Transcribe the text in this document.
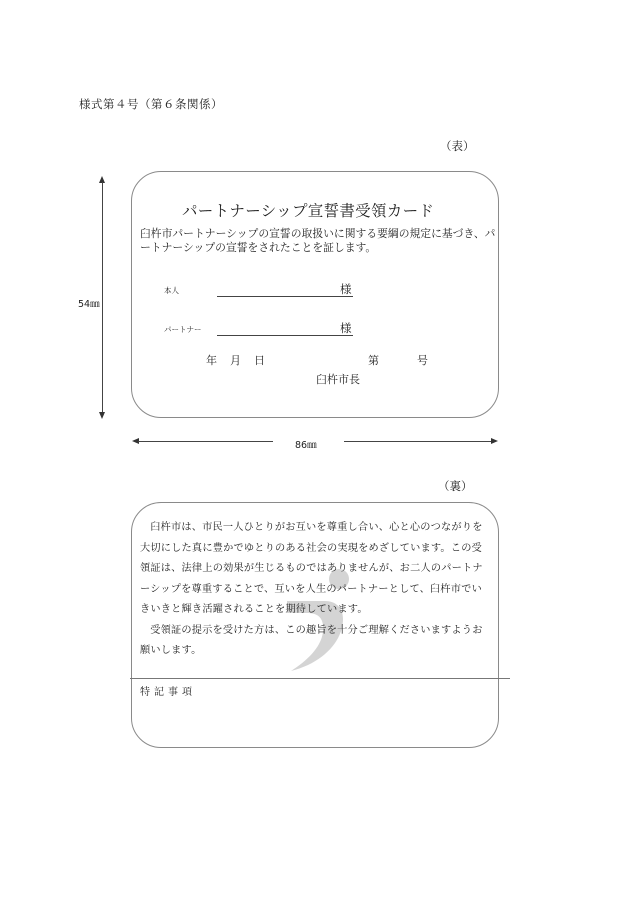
様式第４号（第６条関係）
（表）
54㎜
パートナーシップ宣誓書受領カード
臼杵市パートナーシップの宣誓の取扱いに関する要綱の規定に基づき、パートナーシップの宣誓をされたことを証します。
本人	様
パートナー	様
年 月 日	第	号
臼杵市長
86㎜
（裏）

臼杵市は、市民一人ひとりがお互いを尊重し合い、心と心のつながりを大切にした真に豊かでゆとりのある社会の実現をめざしています。この受領証は、法律上の効果が生じるものではありませんが、お二人のパートナーシップを尊重することで、互いを人生のパートナーとして、臼杵市でいきいきと輝き活躍されることを期待しています。

受領証の提示を受けた方は、この趣旨を十分ご理解くださいますようお願いします。

特記事項
